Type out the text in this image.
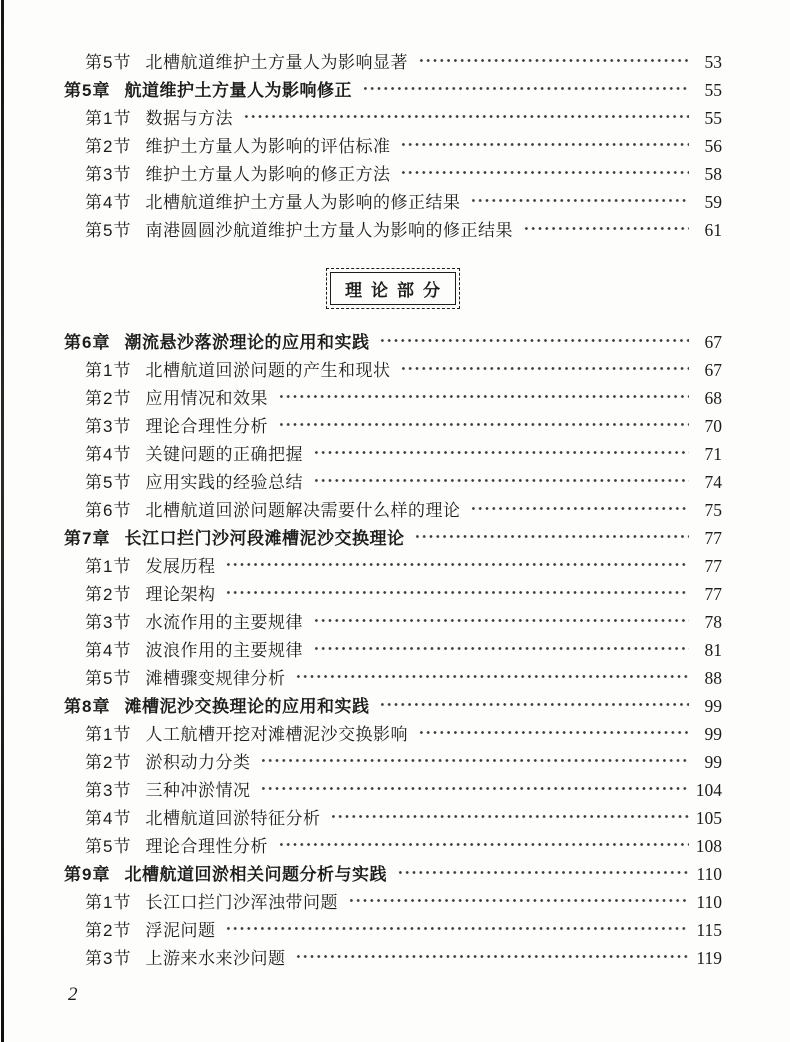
第5节 北槽航道维护土方量人为影响显著	53
第5章 航道维护土方量人为影响修正	55
第1节 数据与方法	55
第2节 维护土方量人为影响的评估标准	56
第3节 维护土方量人为影响的修正方法	58
第4节 北槽航道维护土方量人为影响的修正结果	59
第5节 南港圆圆沙航道维护土方量人为影响的修正结果	61
理论部分
第6章 潮流悬沙落淤理论的应用和实践	67
第1节 北槽航道回淤问题的产生和现状	67
第2节 应用情况和效果	68
第3节 理论合理性分析	70
第4节 关键问题的正确把握	71
第5节 应用实践的经验总结	74
第6节 北槽航道回淤问题解决需要什么样的理论	75
第7章 长江口拦门沙河段滩槽泥沙交换理论	77
第1节 发展历程	77
第2节 理论架构	77
第3节 水流作用的主要规律	78
第4节 波浪作用的主要规律	81
第5节 滩槽骤变规律分析	88
第8章 滩槽泥沙交换理论的应用和实践	99
第1节 人工航槽开挖对滩槽泥沙交换影响	99
第2节 淤积动力分类	99
第3节 三种冲淤情况	104
第4节 北槽航道回淤特征分析	105
第5节 理论合理性分析	108
第9章 北槽航道回淤相关问题分析与实践	110
第1节 长江口拦门沙浑浊带问题	110
第2节 浮泥问题	115
第3节 上游来水来沙问题	119
2
